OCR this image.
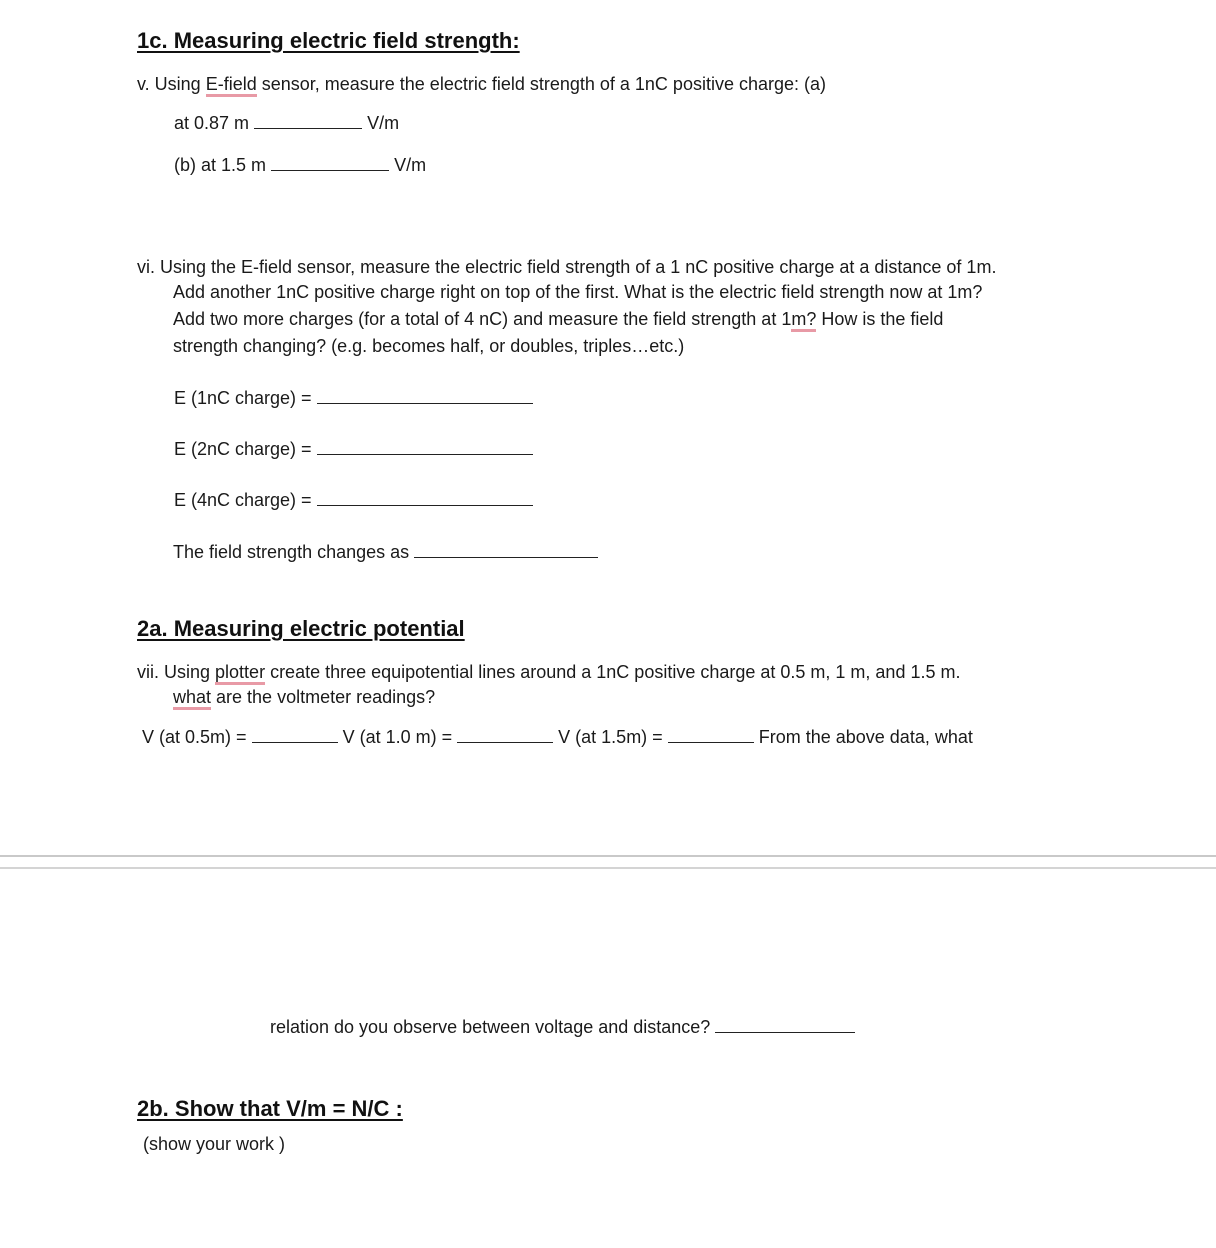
1c. Measuring electric field strength:
v. Using E-field sensor, measure the electric field strength of a 1nC positive charge: (a)
at 0.87 m	V/m
(b) at 1.5 m	V/m
vi. Using the E-field sensor, measure the electric field strength of a 1 nC positive charge at a distance of 1m.
Add another 1nC positive charge right on top of the first. What is the electric field strength now at 1m?
Add two more charges (for a total of 4 nC) and measure the field strength at 1m? How is the field
strength changing? (e.g. becomes half, or doubles, triples…etc.)
E (1nC charge) =
E (2nC charge) =
E (4nC charge) =
The field strength changes as
2a. Measuring electric potential
vii. Using plotter create three equipotential lines around a 1nC positive charge at 0.5 m, 1 m, and 1.5 m.
what are the voltmeter readings?
V (at 0.5m) =	V (at 1.0 m) =	V (at 1.5m) =	From the above data, what
relation do you observe between voltage and distance?
2b. Show that V/m = N/C :
(show your work )
